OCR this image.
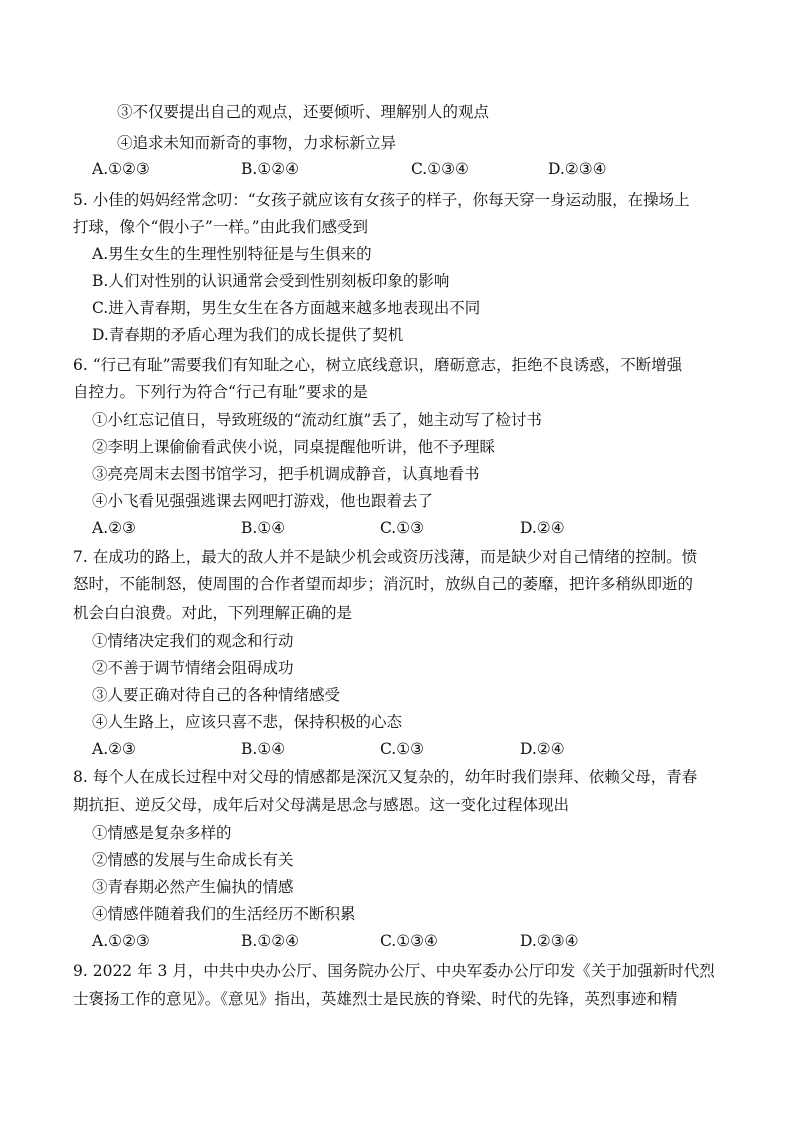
③不仅要提出自己的观点，还要倾听、理解别人的观点
④追求未知而新奇的事物，力求标新立异
A.①②③	B.①②④	C.①③④	D.②③④
5. 小佳的妈妈经常念叨：“女孩子就应该有女孩子的样子，你每天穿一身运动服，在操场上
打球，像个“假小子”一样。”由此我们感受到
A.男生女生的生理性别特征是与生俱来的
B.人们对性别的认识通常会受到性别刻板印象的影响
C.进入青春期，男生女生在各方面越来越多地表现出不同
D.青春期的矛盾心理为我们的成长提供了契机
6. “行己有耻”需要我们有知耻之心，树立底线意识，磨砺意志，拒绝不良诱惑，不断增强
自控力。下列行为符合“行己有耻”要求的是
①小红忘记值日，导致班级的“流动红旗”丢了，她主动写了检讨书
②李明上课偷偷看武侠小说，同桌提醒他听讲，他不予理睬
③亮亮周末去图书馆学习，把手机调成静音，认真地看书
④小飞看见强强逃课去网吧打游戏，他也跟着去了
A.②③	B.①④	C.①③	D.②④
7. 在成功的路上，最大的敌人并不是缺少机会或资历浅薄，而是缺少对自己情绪的控制。愤
怒时，不能制怒，使周围的合作者望而却步；消沉时，放纵自己的萎靡，把许多稍纵即逝的
机会白白浪费。对此，下列理解正确的是
①情绪决定我们的观念和行动
②不善于调节情绪会阻碍成功
③人要正确对待自己的各种情绪感受
④人生路上，应该只喜不悲，保持积极的心态
A.②③	B.①④	C.①③	D.②④
8. 每个人在成长过程中对父母的情感都是深沉又复杂的，幼年时我们崇拜、依赖父母，青春
期抗拒、逆反父母，成年后对父母满是思念与感恩。这一变化过程体现出
①情感是复杂多样的
②情感的发展与生命成长有关
③青春期必然产生偏执的情感
④情感伴随着我们的生活经历不断积累
A.①②③	B.①②④	C.①③④	D.②③④
9. 2022 年 3 月，中共中央办公厅、国务院办公厅、中央军委办公厅印发《关于加强新时代烈
士褒扬工作的意见》。《意见》指出，英雄烈士是民族的脊梁、时代的先锋，英烈事迹和精
